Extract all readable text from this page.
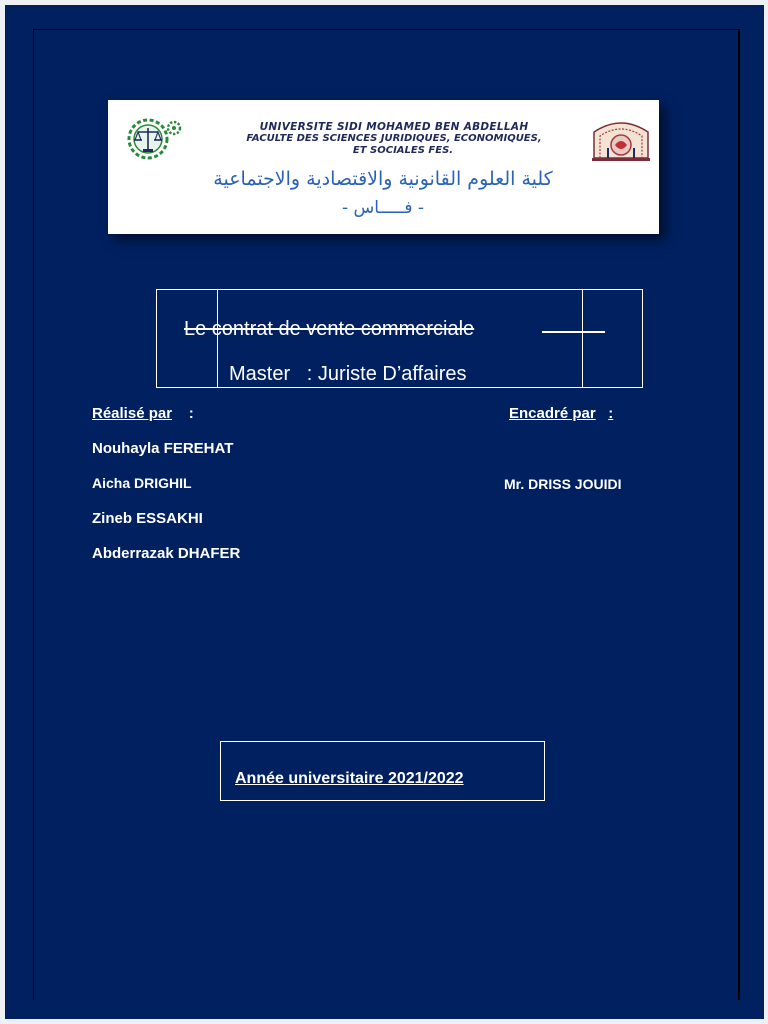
UNIVERSITE SIDI MOHAMED BEN ABDELLAH
FACULTE DES SCIENCES JURIDIQUES, ECONOMIQUES,
ET SOCIALES FES.
كلية العلوم القانونية والاقتصادية والاجتماعية
- فـــــاس -
Le contrat de vente commerciale
Master : Juriste D’affaires
Réalisé par :	Encadré par :
Nouhayla FEREHAT
Aicha DRIGHIL
Zineb ESSAKHI
Abderrazak DHAFER
Mr. DRISS JOUIDI
Année universitaire 2021/2022
